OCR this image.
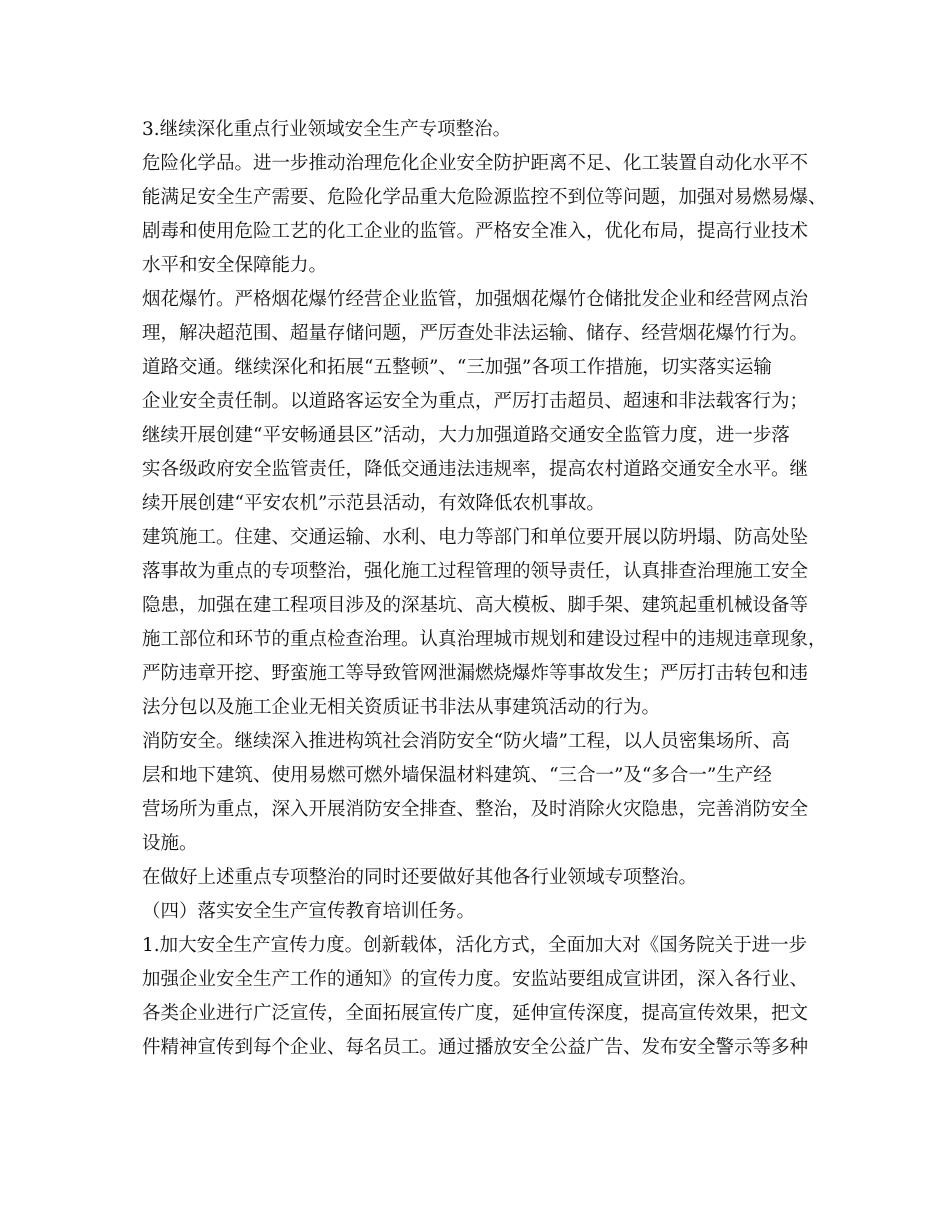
3.继续深化重点行业领域安全生产专项整治。
危险化学品。进一步推动治理危化企业安全防护距离不足、化工装置自动化水平不
能满足安全生产需要、危险化学品重大危险源监控不到位等问题，加强对易燃易爆、
剧毒和使用危险工艺的化工企业的监管。严格安全准入，优化布局，提高行业技术
水平和安全保障能力。
烟花爆竹。严格烟花爆竹经营企业监管，加强烟花爆竹仓储批发企业和经营网点治
理，解决超范围、超量存储问题，严厉查处非法运输、储存、经营烟花爆竹行为。
道路交通。继续深化和拓展“五整顿”、“三加强”各项工作措施，切实落实运输
企业安全责任制。以道路客运安全为重点，严厉打击超员、超速和非法载客行为；
继续开展创建“平安畅通县区”活动，大力加强道路交通安全监管力度，进一步落
实各级政府安全监管责任，降低交通违法违规率，提高农村道路交通安全水平。继
续开展创建“平安农机”示范县活动，有效降低农机事故。
建筑施工。住建、交通运输、水利、电力等部门和单位要开展以防坍塌、防高处坠
落事故为重点的专项整治，强化施工过程管理的领导责任，认真排查治理施工安全
隐患，加强在建工程项目涉及的深基坑、高大模板、脚手架、建筑起重机械设备等
施工部位和环节的重点检查治理。认真治理城市规划和建设过程中的违规违章现象，
严防违章开挖、野蛮施工等导致管网泄漏燃烧爆炸等事故发生；严厉打击转包和违
法分包以及施工企业无相关资质证书非法从事建筑活动的行为。
消防安全。继续深入推进构筑社会消防安全“防火墙”工程，以人员密集场所、高
层和地下建筑、使用易燃可燃外墙保温材料建筑、“三合一”及“多合一”生产经
营场所为重点，深入开展消防安全排查、整治，及时消除火灾隐患，完善消防安全
设施。
在做好上述重点专项整治的同时还要做好其他各行业领域专项整治。
（四）落实安全生产宣传教育培训任务。
1.加大安全生产宣传力度。创新载体，活化方式，全面加大对《国务院关于进一步
加强企业安全生产工作的通知》的宣传力度。安监站要组成宣讲团，深入各行业、
各类企业进行广泛宣传，全面拓展宣传广度，延伸宣传深度，提高宣传效果，把文
件精神宣传到每个企业、每名员工。通过播放安全公益广告、发布安全警示等多种
